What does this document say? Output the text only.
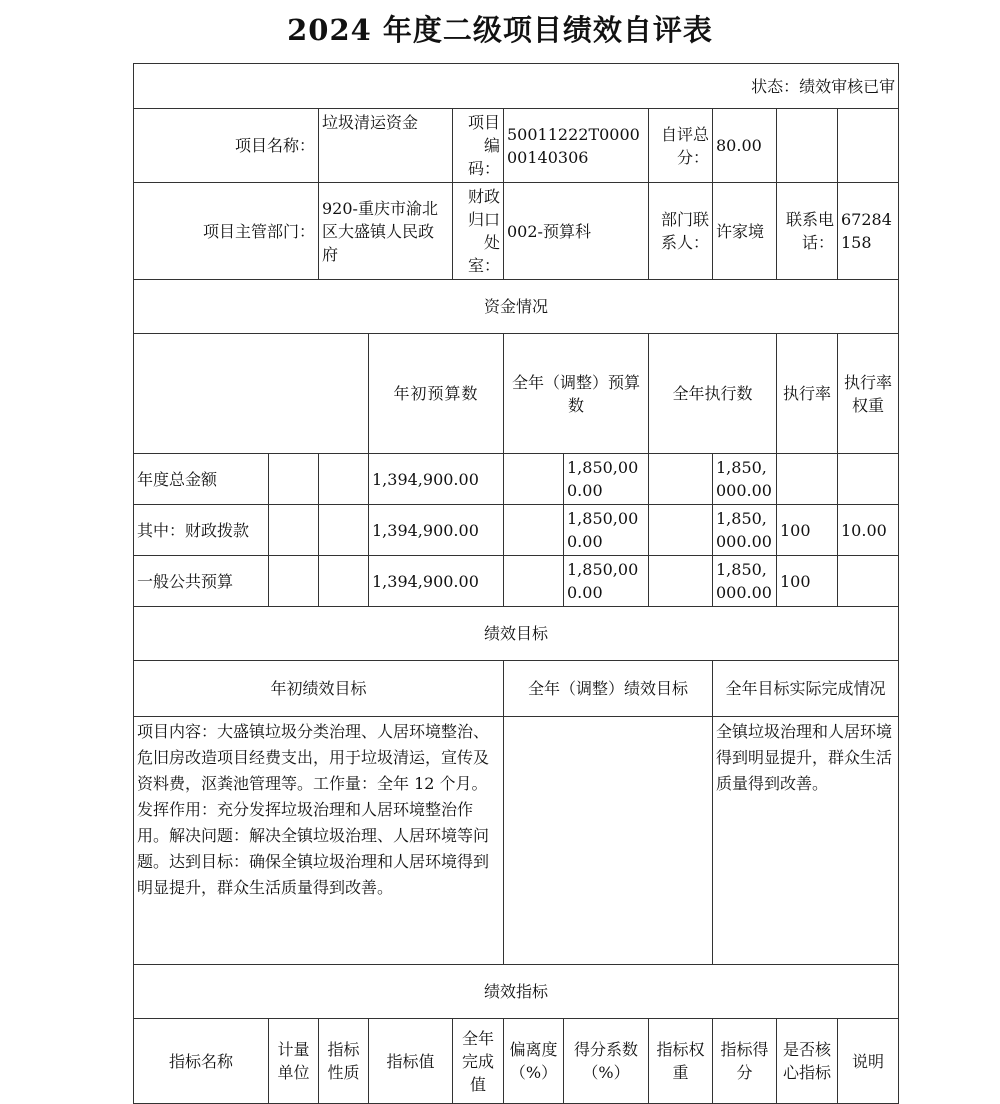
2024 年度二级项目绩效自评表
状态：绩效审核已审											
项目名称：		垃圾清运资金		项目编码：	50011222T000000140306		自评总分：	80.00			
项目主管部门：		920-重庆市渝北区大盛镇人民政府		财政归口处室：	002-预算科		部门联系人：	许家境	联系电话：	67284158	
资金情况											
			年初预算数		全年（调整）预算数		全年执行数		执行率	执行率权重	
年度总金额			1,394,900.00			1,850,000.00		1,850,000.00			
其中：财政拨款			1,394,900.00			1,850,000.00		1,850,000.00	100	10.00	
一般公共预算			1,394,900.00			1,850,000.00		1,850,000.00	100		
绩效目标											
年初绩效目标					全年（调整）绩效目标			全年目标实际完成情况			
项目内容：大盛镇垃圾分类治理、人居环境整治、危旧房改造项目经费支出，用于垃圾清运，宣传及资料费，沤粪池管理等。工作量：全年 12 个月。发挥作用：充分发挥垃圾治理和人居环境整治作用。解决问题：解决全镇垃圾治理、人居环境等问题。达到目标：确保全镇垃圾治理和人居环境得到明显提升，群众生活质量得到改善。								全镇垃圾治理和人居环境得到明显提升，群众生活质量得到改善。			
绩效指标											
指标名称	计量单位	指标性质	指标值	全年完成值	偏离度（%）	得分系数（%）	指标权重	指标得分	是否核心指标	说明	
